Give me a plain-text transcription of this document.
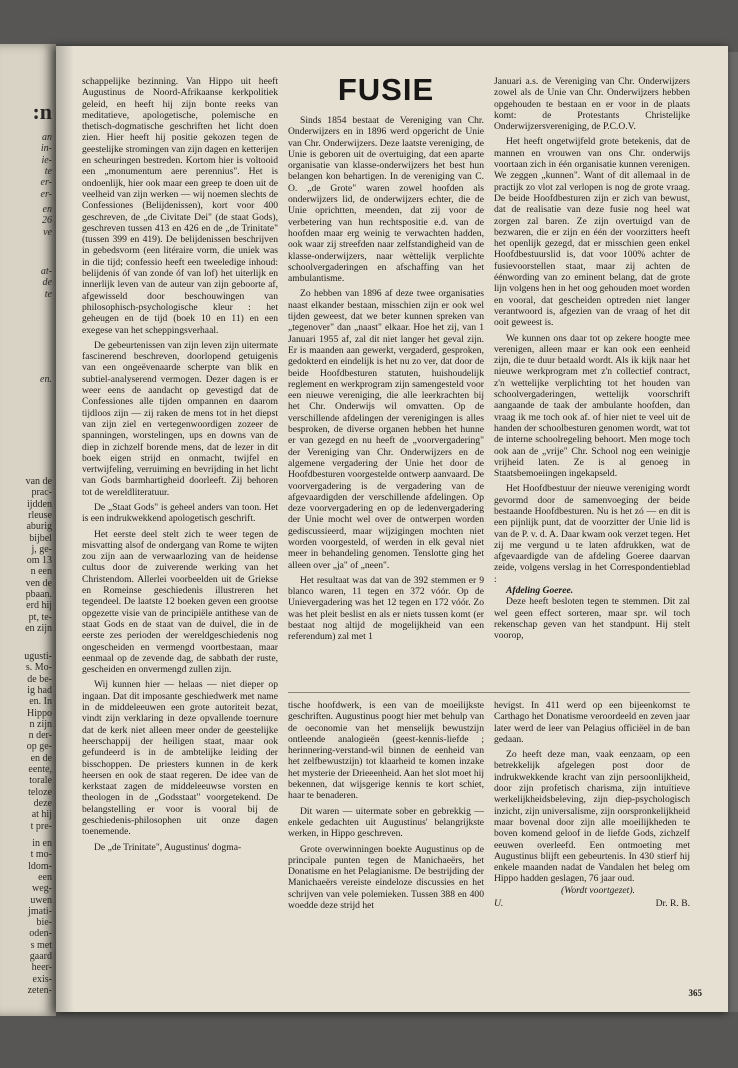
:n
an
in-
ie-
te
er-
er-
en
26
ve
at-
de
te
en.
van de
prac-
ijdden
rleuse
aburig
bijbel
j, ge-
om 13
n een
ven de
pbaan.
erd hij
pt, te-
en zijn
ugusti-
s. Mo-
de be-
ig had
en. In
Hippo
n zijn
n der-
op ge-
en de
eente,
torale
teloze
deze
at hij
t pre-
in en
t mo-
ldom-
een
weg-
uwen
jmati-
bie-
oden-
s met
gaard
heer-
exis-
zeten-

schappelijke bezinning. Van Hippo uit heeft Augustinus de Noord-Afrikaanse kerkpolitiek geleid, en heeft hij zijn bonte reeks van meditatieve, apologetische, polemische en thetisch-dogmatische geschriften het licht doen zien. Hier heeft hij positie gekozen tegen de geestelijke stromingen van zijn dagen en ketterijen en scheuringen bestreden. Kortom hier is voltooid een „monumentum aere perennius". Het is ondoenlijk, hier ook maar een greep te doen uit de veelheid van zijn werken — wij noemen slechts de Confessiones (Belijdenissen), kort voor 400 geschreven, de „de Civitate Dei" (de staat Gods), geschreven tussen 413 en 426 en de „de Trinitate" (tussen 399 en 419). De belijdenissen beschrijven in gebedsvorm (een litéraire vorm, die uniek was in die tijd; confessio heeft een tweeledige inhoud: belijdenis óf van zonde óf van lof) het uiterlijk en innerlijk leven van de auteur van zijn geboorte af, afgewisseld door beschouwingen van philosophisch-psychologische kleur : het geheugen en de tijd (boek 10 en 11) en een exegese van het scheppingsverhaal.

De gebeurtenissen van zijn leven zijn uitermate fascinerend beschreven, doorlopend getuigenis van een ongeëvenaarde scherpte van blik en subtiel-analyserend vermogen. Dezer dagen is er weer eens de aandacht op gevestigd dat de Confessiones alle tijden ompannen en daarom tijdloos zijn — zij raken de mens tot in het diepst van zijn ziel en vertegenwoordigen zozeer de spanningen, worstelingen, ups en downs van de diep in zichzelf borende mens, dat de lezer in dit boek eigen strijd en onmacht, twijfel en vertwijfeling, verruiming en bevrijding in het licht van Gods barmhartigheid doorleeft. Zij behoren tot de wereldliteratuur.

De „Staat Gods" is geheel anders van toon. Het is een indrukwekkend apologetisch geschrift.

Het eerste deel stelt zich te weer tegen de misvatting alsof de ondergang van Rome te wijten zou zijn aan de verwaarlozing van de heidense cultus door de zuiverende werking van het Christendom. Allerlei voorbeelden uit de Griekse en Romeinse geschiedenis illustreren het tegendeel. De laatste 12 boeken geven een grootse opgezette visie van de principiële antithese van de staat Gods en de staat van de duivel, die in de eerste zes perioden der wereldgeschiedenis nog ongescheiden en vermengd voortbestaan, maar eenmaal op de zevende dag, de sabbath der ruste, gescheiden en onvermengd zullen zijn.

Wij kunnen hier — helaas — niet dieper op ingaan. Dat dit imposante geschiedwerk met name in de middeleeuwen een grote autoriteit bezat, vindt zijn verklaring in deze opvallende toernure dat de kerk niet alleen meer onder de geestelijke heerschappij der heiligen staat, maar ook gefundeerd is in de ambtelijke leiding der bisschoppen. De priesters kunnen in de kerk heersen en ook de staat regeren. De idee van de kerkstaat zagen de middeleeuwse vorsten en theologen in de „Godsstaat" voorgetekend. De belangstelling er voor is vooral bij de geschiedenis-philosophen uit onze dagen toenemende.

De „de Trinitate", Augustinus' dogma-

FUSIE

Sinds 1854 bestaat de Vereniging van Chr. Onderwijzers en in 1896 werd opgericht de Unie van Chr. Onderwijzers. Deze laatste vereniging, de Unie is geboren uit de overtuiging, dat een aparte organisatie van klasse-onderwijzers het best hun belangen kon behartigen. In de vereniging van C. O. „de Grote" waren zowel hoofden als onderwijzers lid, de onderwijzers echter, die de Unie oprichtten, meenden, dat zij voor de verbetering van hun rechtspositie e.d. van de hoofden maar erg weinig te verwachten hadden, ook waar zij streefden naar zelfstandigheid van de klasse-onderwijzers, naar wèttelijk verplichte schoolvergaderingen en afschaffing van het ambulantisme.

Zo hebben van 1896 af deze twee organisaties naast elkander bestaan, misschien zijn er ook wel tijden geweest, dat we beter kunnen spreken van „tegenover" dan „naast" elkaar. Hoe het zij, van 1 Januari 1955 af, zal dit niet langer het geval zijn. Er is maanden aan gewerkt, vergaderd, gesproken, gedokterd en eindelijk is het nu zo ver, dat door de beide Hoofdbesturen statuten, huishoudelijk reglement en werkprogram zijn samengesteld voor een nieuwe vereniging, die alle leerkrachten bij het Chr. Onderwijs wil omvatten. Op de verschillende afdelingen der verenigingen is alles besproken, de diverse organen hebben het hunne er van gezegd en nu heeft de „voorvergadering" der Vereniging van Chr. Onderwijzers en de algemene vergadering der Unie het door de Hoofdbesturen voorgestelde ontwerp aanvaard. De voorvergadering is de vergadering van de afgevaardigden der verschillende afdelingen. Op deze voorvergadering en op de ledenvergadering der Unie mocht wel over de ontwerpen worden gediscussieerd, maar wijzigingen mochten niet worden voorgesteld, of werden in elk geval niet meer in behandeling genomen. Tenslotte ging het alleen over „ja" of „neen".

Het resultaat was dat van de 392 stemmen er 9 blanco waren, 11 tegen en 372 vóór. Op de Unievergadering was het 12 tegen en 172 vóór. Zo was het pleit beslist en als er niets tussen komt (er bestaat nog altijd de mogelijkheid van een referendum) zal met 1

Januari a.s. de Vereniging van Chr. Onderwijzers zowel als de Unie van Chr. Onderwijzers hebben opgehouden te bestaan en er voor in de plaats komt: de Protestants Christelijke Onderwijzersvereniging, de P.C.O.V.

Het heeft ongetwijfeld grote betekenis, dat de mannen en vrouwen van ons Chr. onderwijs voortaan zich in één organisatie kunnen verenigen. We zeggen „kunnen". Want of dit allemaal in de practijk zo vlot zal verlopen is nog de grote vraag. De beide Hoofdbesturen zijn er zich van bewust, dat de realisatie van deze fusie nog heel wat zorgen zal baren. Ze zijn overtuigd van de bezwaren, die er zijn en één der voorzitters heeft het openlijk gezegd, dat er misschien geen enkel Hoofdbestuurslid is, dat voor 100% achter de fusievoorstellen staat, maar zij achten de éénwording van zo eminent belang, dat de grote lijn volgens hen in het oog gehouden moet worden en vooral, dat gescheiden optreden niet langer verantwoord is, afgezien van de vraag of het dit ooit geweest is.

We kunnen ons daar tot op zekere hoogte mee verenigen, alleen maar er kan ook een eenheid zijn, die te duur betaald wordt. Als ik kijk naar het nieuwe werkprogram met z'n collectief contract, z'n wettelijke verplichting tot het houden van schoolvergaderingen, wettelijk voorschrift aangaande de taak der ambulante hoofden, dan vraag ik me toch ook af. of hier niet te veel uit de handen der schoolbesturen genomen wordt, wat tot de interne schoolregeling behoort. Men moge toch ook aan de „vrije" Chr. School nog een weinigje vrijheid laten. Ze is al genoeg in Staatsbemoeiingen ingekapseld.

Het Hoofdbestuur der nieuwe vereniging wordt gevormd door de samenvoeging der beide bestaande Hoofdbesturen. Nu is het zó — en dit is een pijnlijk punt, dat de voorzitter der Unie lid is van de P. v. d. A. Daar kwam ook verzet tegen. Het zij me vergund u te laten afdrukken, wat de afgevaardigde van de afdeling Goeree daarvan zeide, volgens verslag in het Correspondentieblad :

Afdeling Goeree.

Deze heeft besloten tegen te stemmen. Dit zal wel geen effect sorteren, maar spr. wil toch rekenschap geven van het standpunt. Hij stelt voorop,

tische hoofdwerk, is een van de moeilijkste geschriften. Augustinus poogt hier met behulp van de oeconomie van het menselijk bewustzijn ontleende analogieën (geest-kennis-liefde ; herinnering-verstand-wil binnen de eenheid van het zelfbewustzijn) tot klaarheid te komen inzake het mysterie der Drieeenheid. Aan het slot moet hij bekennen, dat wijsgerige kennis te kort schiet, haar te benaderen.

Dit waren — uitermate sober en gebrekkig — enkele gedachten uit Augustinus' belangrijkste werken, in Hippo geschreven.

Grote overwinningen boekte Augustinus op de principale punten tegen de Manichaeërs, het Donatisme en het Pelagianisme. De bestrijding der Manichaeërs vereiste eindeloze discussies en het schrijven van vele polemieken. Tussen 388 en 400 woedde deze strijd het

hevigst. In 411 werd op een bijeenkomst te Carthago het Donatisme veroordeeld en zeven jaar later werd de leer van Pelagius officiëel in de ban gedaan.

Zo heeft deze man, vaak eenzaam, op een betrekkelijk afgelegen post door de indrukwekkende kracht van zijn persoonlijkheid, door zijn profetisch charisma, zijn intuïtieve werkelijkheidsbeleving, zijn diep-psychologisch inzicht, zijn universalisme, zijn oorspronkelijkheid maar bovenal door zijn alle moeilijkheden te boven komend geloof in de liefde Gods, zichzelf eeuwen overleefd. Een ontmoeting met Augustinus blijft een gebeurtenis. In 430 stierf hij enkele maanden nadat de Vandalen het beleg om Hippo hadden geslagen, 76 jaar oud.

(Wordt voortgezet).

U.	Dr. R. B.
365
